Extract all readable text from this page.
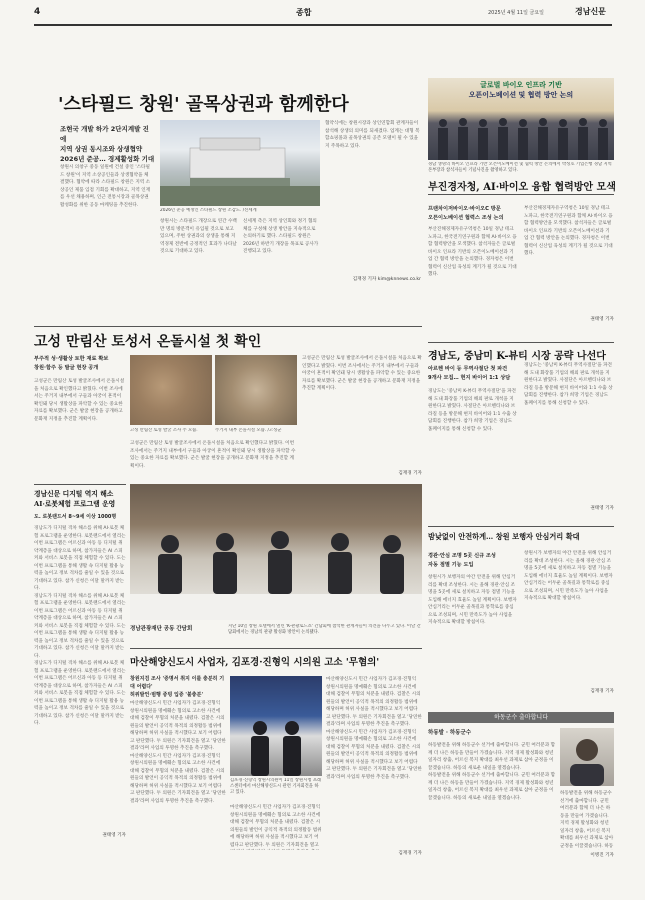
4	종합	2025년 4월 11일 금요일	경남신문
'스타필드 창원' 골목상권과 함께한다
조현국 개발 하가 2단지계발 진에
지역 상권 동시조와 상생협약
2026년 준공… 경제활성화 기대

창원시 의창구 중동 일원에 건설 중인 '스타필드 창원'이 지역 소상공인들과 상생협약을 체결했다. 협약에 따라 스타필드 창원은 지역 소상공인 제품 입점 기회를 확대하고, 지역 인재를 우선 채용하며, 인근 전통시장과 골목상권 활성화를 위한 공동 마케팅을 추진한다.

2026년 준공 예정인 스타필드 창원 조감도. /신세계

창원시는 스타필드 개장으로 연간 수백만 명의 방문객이 유입될 것으로 보고 있으며, 주변 상권과의 상생을 통해 지역경제 전반에 긍정적인 효과가 나타날 것으로 기대하고 있다.

신세계 측은 지역 상인회와 정기 협의체를 구성해 상생 방안을 지속적으로 논의하기로 했다. 스타필드 창원은 2026년 하반기 개장을 목표로 공사가 진행되고 있다.

협약식에는 창원시장과 상인연합회 관계자들이 참석해 상생의 의미를 되새겼다. 업계는 대형 복합쇼핑몰과 골목상권의 공존 모델이 될 수 있을지 주목하고 있다.

김재경 기자 kim@knnews.co.kr
글로벌 바이오 인프라 기반
오픈이노베이션 및 협력 방안 논의
경남 생명의 바이오 인프라 기반 오픈이노베이션 및 협력 방안 논의에서 박성호 기업은행 경남 지역본부장과 참석자들이 기념사진을 촬영하고 있다.
부진경자청, AI·바이오 융합 협력방안 모색
프랜차이저바이오·바이오C 방문
오픈이노베이션 협력스 조성 논의

부산진해경제자유구역청은 10일 경남 테크노파크, 한국전기연구원과 함께 AI·바이오 융합 협력방안을 모색했다. 참석자들은 글로벌 바이오 인프라 기반의 오픈이노베이션과 기업 간 협력 방안을 논의했다. 경자청은 이번 협력이 신산업 육성의 계기가 될 것으로 기대했다.

부산진해경제자유구역청은 10일 경남 테크노파크, 한국전기연구원과 함께 AI·바이오 융합 협력방안을 모색했다. 참석자들은 글로벌 바이오 인프라 기반의 오픈이노베이션과 기업 간 협력 방안을 논의했다. 경자청은 이번 협력이 신산업 육성의 계기가 될 것으로 기대했다.

권태영 기자
고성 만림산 토성서 온돌시설 첫 확인
부주적 성·생활상 토한 재료 확보
창원·함주 등 발굴 현장 공개

고성군은 만림산 토성 발굴조사에서 온돌시설을 처음으로 확인했다고 밝혔다. 이번 조사에서는 주거지 내부에서 구들과 아궁이 흔적이 확인돼 당시 생활상을 파악할 수 있는 중요한 자료를 확보했다. 군은 발굴 현장을 공개하고 문화재 지정을 추진할 계획이다.

고성 만림산 토성 발굴 조사 주 모습.	주거지 내부 온돌시설 모습. /고성군

고성군은 만림산 토성 발굴조사에서 온돌시설을 처음으로 확인했다고 밝혔다. 이번 조사에서는 주거지 내부에서 구들과 아궁이 흔적이 확인돼 당시 생활상을 파악할 수 있는 중요한 자료를 확보했다. 군은 발굴 현장을 공개하고 문화재 지정을 추진할 계획이다.

고성군은 만림산 토성 발굴조사에서 온돌시설을 처음으로 확인했다고 밝혔다. 이번 조사에서는 주거지 내부에서 구들과 아궁이 흔적이 확인돼 당시 생활상을 파악할 수 있는 중요한 자료를 확보했다. 군은 발굴 현장을 공개하고 문화재 지정을 추진할 계획이다.

김재경 기자
경남도, 중남미 K-뷰티 시장 공략 나선다
아르헨 바이 등 무역사절단 첫 파견
9개사 모집… 현지 바이어 1:1 상담

경남도는 '중남미 K-뷰티 무역사절단'을 파견해 도내 화장품 기업의 해외 판로 개척을 지원한다고 밝혔다. 사절단은 아르헨티나와 브라질 등을 방문해 현지 바이어와 1:1 수출 상담회를 진행한다. 참가 희망 기업은 경남도 홈페이지를 통해 신청할 수 있다.

경남도는 '중남미 K-뷰티 무역사절단'을 파견해 도내 화장품 기업의 해외 판로 개척을 지원한다고 밝혔다. 사절단은 아르헨티나와 브라질 등을 방문해 현지 바이어와 1:1 수출 상담회를 진행한다. 참가 희망 기업은 경남도 홈페이지를 통해 신청할 수 있다.

권태영 기자
경남신문 디지털 역지 해소 AI·로봇체험 프로그램 운영
도. 로봇랜드서 8~9세 이상 1000명

경남도가 디지털 격차 해소를 위해 AI·로봇 체험 프로그램을 운영한다. 로봇랜드에서 열리는 이번 프로그램은 어르신과 아동 등 디지털 취약계층을 대상으로 하며, 참가자들은 AI 스피커와 서비스 로봇을 직접 체험할 수 있다. 도는 이번 프로그램을 통해 생활 속 디지털 활용 능력을 높이고 정보 격차를 줄일 수 있을 것으로 기대하고 있다. 참가 신청은 이달 말까지 받는다.

경남도가 디지털 격차 해소를 위해 AI·로봇 체험 프로그램을 운영한다. 로봇랜드에서 열리는 이번 프로그램은 어르신과 아동 등 디지털 취약계층을 대상으로 하며, 참가자들은 AI 스피커와 서비스 로봇을 직접 체험할 수 있다. 도는 이번 프로그램을 통해 생활 속 디지털 활용 능력을 높이고 정보 격차를 줄일 수 있을 것으로 기대하고 있다. 참가 신청은 이달 말까지 받는다.

경남도가 디지털 격차 해소를 위해 AI·로봇 체험 프로그램을 운영한다. 로봇랜드에서 열리는 이번 프로그램은 어르신과 아동 등 디지털 취약계층을 대상으로 하며, 참가자들은 AI 스피커와 서비스 로봇을 직접 체험할 수 있다. 도는 이번 프로그램을 통해 생활 속 디지털 활용 능력을 높이고 정보 격차를 줄일 수 있을 것으로 기대하고 있다. 참가 신청은 이달 말까지 받는다.

권태영 기자
경남관광재단 공동 간담회	지난 10일 창원 호텔에서 열린 'K-관광로드쇼' 간담회에 참석한 관계자들이 의견을 나누고 있다. 이날 간담회에서는 경남의 관광 활성화 방안이 논의됐다.
밤낮없이 안전하게… 창원 보행자 안심거리 확대
경관·안심 조명 5곳 신규 조성
자동 점멸 기능 도입

창원시가 보행자의 야간 안전을 위해 안심거리를 확대 조성한다. 시는 올해 경관·안심 조명을 5곳에 새로 설치하고 자동 점멸 기능을 도입해 에너지 효율도 높일 계획이다. 보행자 안심거리는 어두운 골목길과 통학로를 중심으로 조성되며, 시민 만족도가 높아 사업을 지속적으로 확대할 방침이다.

창원시가 보행자의 야간 안전을 위해 안심거리를 확대 조성한다. 시는 올해 경관·안심 조명을 5곳에 새로 설치하고 자동 점멸 기능을 도입해 에너지 효율도 높일 계획이다. 보행자 안심거리는 어두운 골목길과 통학로를 중심으로 조성되며, 시민 만족도가 높아 사업을 지속적으로 확대할 방침이다.

김재경 기자
마산해양신도시 사업자, 김포경·진형익 시의원 고소 '무혐의'
창원지검 조사 '증명서 취지 이를 충분히 기대 어렵다'
허위발언·범행 증빙 입증 '불충분'

마산해양신도시 민간 사업자가 김포경·진형익 창원시의원을 명예훼손 혐의로 고소한 사건에 대해 검찰이 무혐의 처분을 내렸다. 검찰은 시의원들의 발언이 공익적 목적의 의정활동 범위에 해당하며 허위 사실을 적시했다고 보기 어렵다고 판단했다. 두 의원은 기자회견을 열고 '당연한 결과'라며 사업의 투명한 추진을 촉구했다.

마산해양신도시 민간 사업자가 김포경·진형익 창원시의원을 명예훼손 혐의로 고소한 사건에 대해 검찰이 무혐의 처분을 내렸다. 검찰은 시의원들의 발언이 공익적 목적의 의정활동 범위에 해당하며 허위 사실을 적시했다고 보기 어렵다고 판단했다. 두 의원은 기자회견을 열고 '당연한 결과'라며 사업의 투명한 추진을 촉구했다.

김포경·진형익 창원시의원이 11일 창원시청 프레스센터에서 마산해양신도시 관련 기자회견을 하고 있다.

마산해양신도시 민간 사업자가 김포경·진형익 창원시의원을 명예훼손 혐의로 고소한 사건에 대해 검찰이 무혐의 처분을 내렸다. 검찰은 시의원들의 발언이 공익적 목적의 의정활동 범위에 해당하며 허위 사실을 적시했다고 보기 어렵다고 판단했다. 두 의원은 기자회견을 열고

마산해양신도시 민간 사업자가 김포경·진형익 창원시의원을 명예훼손 혐의로 고소한 사건에 대해 검찰이 무혐의 처분을 내렸다. 검찰은 시의원들의 발언이 공익적 목적의 의정활동 범위에 해당하며 허위 사실을 적시했다고 보기 어렵다고 판단했다. 두 의원은 기자회견을 열고 '당연한 결과'라며 사업의 투명한 추진을 촉구했다.

마산해양신도시 민간 사업자가 김포경·진형익 창원시의원을 명예훼손 혐의로 고소한 사건에 대해 검찰이 무혐의 처분을 내렸다. 검찰은 시의원들의 발언이 공익적 목적의 의정활동 범위에 해당하며 허위 사실을 적시했다고 보기 어렵다고 판단했다. 두 의원은 기자회견을 열고 '당연한 결과'라며 사업의 투명한 추진을 촉구했다.

김재경 기자
하동군수 출마합니다
하동발 · 하동군수

하동발전을 위해 하동군수 선거에 출마합니다. 군민 여러분과 함께 더 나은 하동을 만들어 가겠습니다. 지역 경제 활성화와 청년 일자리 창출, 어르신 복지 확대를 최우선 과제로 삼아 군정을 이끌겠습니다. 하동의 새로운 내일을 열겠습니다.

하동발전을 위해 하동군수 선거에 출마합니다. 군민 여러분과 함께 더 나은 하동을 만들어 가겠습니다. 지역 경제 활성화와 청년 일자리 창출, 어르신 복지 확대를 최우선 과제로 삼아 군정을 이끌겠습니다. 하동의 새로운 내일을 열겠습니다.

하동발전을 위해 하동군수 선거에 출마합니다. 군민 여러분과 함께 더 나은 하동을 만들어 가겠습니다. 지역 경제 활성화와 청년 일자리 창출, 어르신 복지 확대를 최우선 과제로 삼아 군정을 이끌겠습니다. 하동

이병진 기자
